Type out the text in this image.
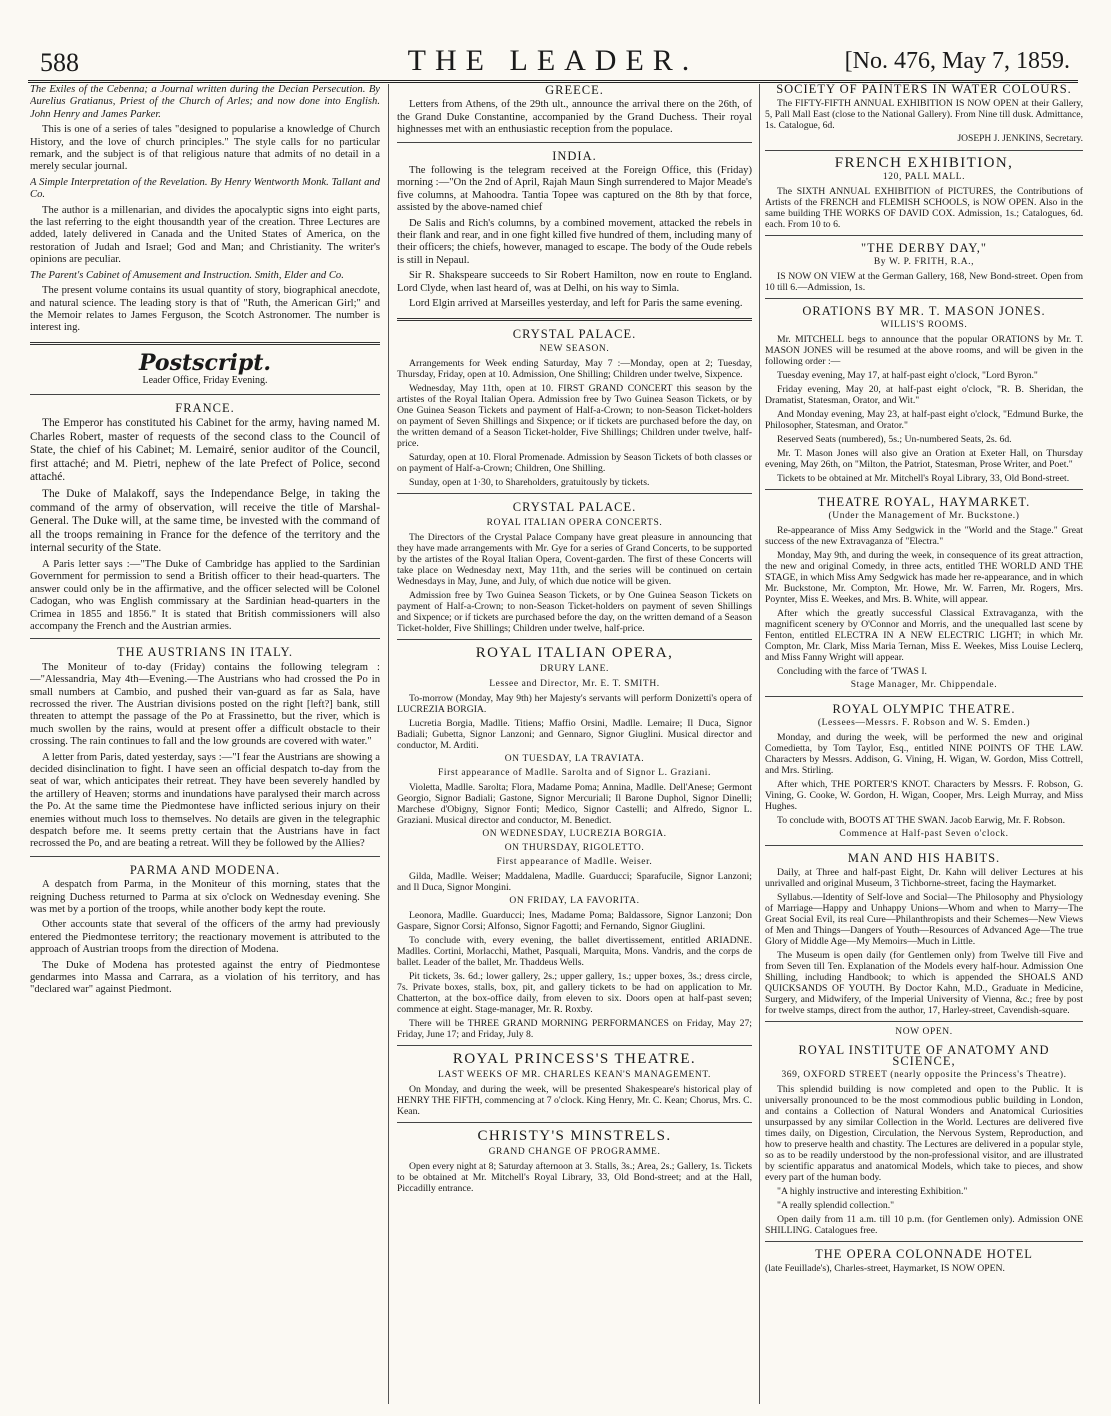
588	THE LEADER.	[No. 476, May 7, 1859.

The Exiles of the Cebenna; a Journal written during the Decian Persecution. By Aurelius Gratianus, Priest of the Church of Arles; and now done into English. John Henry and James Parker.

This is one of a series of tales "designed to popularise a knowledge of Church History, and the love of church principles." The style calls for no particular remark, and the subject is of that religious nature that admits of no detail in a merely secular journal.

A Simple Interpretation of the Revelation. By Henry Wentworth Monk. Tallant and Co.

The author is a millenarian, and divides the apocalyptic signs into eight parts, the last referring to the eight thousandth year of the creation. Three Lectures are added, lately delivered in Canada and the United States of America, on the restoration of Judah and Israel; God and Man; and Christianity. The writer's opinions are peculiar.

The Parent's Cabinet of Amusement and Instruction. Smith, Elder and Co.

The present volume contains its usual quantity of story, biographical anecdote, and natural science. The leading story is that of "Ruth, the American Girl;" and the Memoir relates to James Ferguson, the Scotch Astronomer. The number is interest ing.

Postscript.
Leader Office, Friday Evening.
FRANCE.

The Emperor has constituted his Cabinet for the army, having named M. Charles Robert, master of requests of the second class to the Council of State, the chief of his Cabinet; M. Lemairé, senior auditor of the Council, first attaché; and M. Pietri, nephew of the late Prefect of Police, second attaché.

The Duke of Malakoff, says the Independance Belge, in taking the command of the army of observation, will receive the title of Marshal-General. The Duke will, at the same time, be invested with the command of all the troops remaining in France for the defence of the territory and the internal security of the State.

A Paris letter says :—"The Duke of Cambridge has applied to the Sardinian Government for permission to send a British officer to their head-quarters. The answer could only be in the affirmative, and the officer selected will be Colonel Cadogan, who was English commissary at the Sardinian head-quarters in the Crimea in 1855 and 1856." It is stated that British commissioners will also accompany the French and the Austrian armies.

THE AUSTRIANS IN ITALY.

The Moniteur of to-day (Friday) contains the following telegram :—"Alessandria, May 4th—Evening.—The Austrians who had crossed the Po in small numbers at Cambio, and pushed their van-guard as far as Sala, have recrossed the river. The Austrian divisions posted on the right [left?] bank, still threaten to attempt the passage of the Po at Frassinetto, but the river, which is much swollen by the rains, would at present offer a difficult obstacle to their crossing. The rain continues to fall and the low grounds are covered with water."

A letter from Paris, dated yesterday, says :—"I fear the Austrians are showing a decided disinclination to fight. I have seen an official despatch to-day from the seat of war, which anticipates their retreat. They have been severely handled by the artillery of Heaven; storms and inundations have paralysed their march across the Po. At the same time the Piedmontese have inflicted serious injury on their enemies without much loss to themselves. No details are given in the telegraphic despatch before me. It seems pretty certain that the Austrians have in fact recrossed the Po, and are beating a retreat. Will they be followed by the Allies?

PARMA AND MODENA.

A despatch from Parma, in the Moniteur of this morning, states that the reigning Duchess returned to Parma at six o'clock on Wednesday evening. She was met by a portion of the troops, while another body kept the route.

Other accounts state that several of the officers of the army had previously entered the Piedmontese territory; the reactionary movement is attributed to the approach of Austrian troops from the direction of Modena.

The Duke of Modena has protested against the entry of Piedmontese gendarmes into Massa and Carrara, as a violation of his territory, and has "declared war" against Piedmont.

GREECE.

Letters from Athens, of the 29th ult., announce the arrival there on the 26th, of the Grand Duke Constantine, accompanied by the Grand Duchess. Their royal highnesses met with an enthusiastic reception from the populace.

INDIA.

The following is the telegram received at the Foreign Office, this (Friday) morning :—"On the 2nd of April, Rajah Maun Singh surrendered to Major Meade's five columns, at Mahoodra. Tantia Topee was captured on the 8th by that force, assisted by the above-named chief

De Salis and Rich's columns, by a combined movement, attacked the rebels in their flank and rear, and in one fight killed five hundred of them, including many of their officers; the chiefs, however, managed to escape. The body of the Oude rebels is still in Nepaul.

Sir R. Shakspeare succeeds to Sir Robert Hamilton, now en route to England. Lord Clyde, when last heard of, was at Delhi, on his way to Simla.

Lord Elgin arrived at Marseilles yesterday, and left for Paris the same evening.

CRYSTAL PALACE.
NEW SEASON.

Arrangements for Week ending Saturday, May 7 :—Monday, open at 2; Tuesday, Thursday, Friday, open at 10. Admission, One Shilling; Children under twelve, Sixpence.

Wednesday, May 11th, open at 10. FIRST GRAND CONCERT this season by the artistes of the Royal Italian Opera. Admission free by Two Guinea Season Tickets, or by One Guinea Season Tickets and payment of Half-a-Crown; to non-Season Ticket-holders on payment of Seven Shillings and Sixpence; or if tickets are purchased before the day, on the written demand of a Season Ticket-holder, Five Shillings; Children under twelve, half-price.

Saturday, open at 10. Floral Promenade. Admission by Season Tickets of both classes or on payment of Half-a-Crown; Children, One Shilling.

Sunday, open at 1·30, to Shareholders, gratuitously by tickets.

CRYSTAL PALACE.
ROYAL ITALIAN OPERA CONCERTS.

The Directors of the Crystal Palace Company have great pleasure in announcing that they have made arrangements with Mr. Gye for a series of Grand Concerts, to be supported by the artistes of the Royal Italian Opera, Covent-garden. The first of these Concerts will take place on Wednesday next, May 11th, and the series will be continued on certain Wednesdays in May, June, and July, of which due notice will be given.

Admission free by Two Guinea Season Tickets, or by One Guinea Season Tickets on payment of Half-a-Crown; to non-Season Ticket-holders on payment of seven Shillings and Sixpence; or if tickets are purchased before the day, on the written demand of a Season Ticket-holder, Five Shillings; Children under twelve, half-price.

ROYAL ITALIAN OPERA,
DRURY LANE.
Lessee and Director, Mr. E. T. SMITH.

To-morrow (Monday, May 9th) her Majesty's servants will perform Donizetti's opera of LUCREZIA BORGIA.

Lucretia Borgia, Madlle. Titiens; Maffio Orsini, Madlle. Lemaire; Il Duca, Signor Badiali; Gubetta, Signor Lanzoni; and Gennaro, Signor Giuglini. Musical director and conductor, M. Arditi.

ON TUESDAY, LA TRAVIATA.
First appearance of Madlle. Sarolta and of Signor L. Graziani.

Violetta, Madlle. Sarolta; Flora, Madame Poma; Annina, Madlle. Dell'Anese; Germont Georgio, Signor Badiali; Gastone, Signor Mercuriali; Il Barone Duphol, Signor Dinelli; Marchese d'Obigny, Signor Fonti; Medico, Signor Castelli; and Alfredo, Signor L. Graziani. Musical director and conductor, M. Benedict.

ON WEDNESDAY, LUCREZIA BORGIA.
ON THURSDAY, RIGOLETTO.
First appearance of Madlle. Weiser.

Gilda, Madlle. Weiser; Maddalena, Madlle. Guarducci; Sparafucile, Signor Lanzoni; and Il Duca, Signor Mongini.

ON FRIDAY, LA FAVORITA.

Leonora, Madlle. Guarducci; Ines, Madame Poma; Baldassore, Signor Lanzoni; Don Gaspare, Signor Corsi; Alfonso, Signor Fagotti; and Fernando, Signor Giuglini.

To conclude with, every evening, the ballet divertissement, entitled ARIADNE. Madlles. Cortini, Morlacchi, Mathet, Pasquali, Marquita, Mons. Vandris, and the corps de ballet. Leader of the ballet, Mr. Thaddeus Wells.

Pit tickets, 3s. 6d.; lower gallery, 2s.; upper gallery, 1s.; upper boxes, 3s.; dress circle, 7s. Private boxes, stalls, box, pit, and gallery tickets to be had on application to Mr. Chatterton, at the box-office daily, from eleven to six. Doors open at half-past seven; commence at eight. Stage-manager, Mr. R. Roxby.

There will be THREE GRAND MORNING PERFORMANCES on Friday, May 27; Friday, June 17; and Friday, July 8.

ROYAL PRINCESS'S THEATRE.
LAST WEEKS OF MR. CHARLES KEAN'S MANAGEMENT.

On Monday, and during the week, will be presented Shakespeare's historical play of HENRY THE FIFTH, commencing at 7 o'clock. King Henry, Mr. C. Kean; Chorus, Mrs. C. Kean.

CHRISTY'S MINSTRELS.
GRAND CHANGE OF PROGRAMME.

Open every night at 8; Saturday afternoon at 3. Stalls, 3s.; Area, 2s.; Gallery, 1s. Tickets to be obtained at Mr. Mitchell's Royal Library, 33, Old Bond-street; and at the Hall, Piccadilly entrance.

SOCIETY OF PAINTERS IN WATER COLOURS.

The FIFTY-FIFTH ANNUAL EXHIBITION IS NOW OPEN at their Gallery, 5, Pall Mall East (close to the National Gallery). From Nine till dusk. Admittance, 1s. Catalogue, 6d.

JOSEPH J. JENKINS, Secretary.
FRENCH EXHIBITION,
120, PALL MALL.

The SIXTH ANNUAL EXHIBITION of PICTURES, the Contributions of Artists of the FRENCH and FLEMISH SCHOOLS, is NOW OPEN. Also in the same building THE WORKS OF DAVID COX. Admission, 1s.; Catalogues, 6d. each. From 10 to 6.

"THE DERBY DAY,"
By W. P. FRITH, R.A.,

IS NOW ON VIEW at the German Gallery, 168, New Bond-street. Open from 10 till 6.—Admission, 1s.

ORATIONS BY MR. T. MASON JONES.
WILLIS'S ROOMS.

Mr. MITCHELL begs to announce that the popular ORATIONS by Mr. T. MASON JONES will be resumed at the above rooms, and will be given in the following order :—

Tuesday evening, May 17, at half-past eight o'clock, "Lord Byron."

Friday evening, May 20, at half-past eight o'clock, "R. B. Sheridan, the Dramatist, Statesman, Orator, and Wit."

And Monday evening, May 23, at half-past eight o'clock, "Edmund Burke, the Philosopher, Statesman, and Orator."

Reserved Seats (numbered), 5s.; Un-numbered Seats, 2s. 6d.

Mr. T. Mason Jones will also give an Oration at Exeter Hall, on Thursday evening, May 26th, on "Milton, the Patriot, Statesman, Prose Writer, and Poet."

Tickets to be obtained at Mr. Mitchell's Royal Library, 33, Old Bond-street.

THEATRE ROYAL, HAYMARKET.
(Under the Management of Mr. Buckstone.)

Re-appearance of Miss Amy Sedgwick in the "World and the Stage." Great success of the new Extravaganza of "Electra."

Monday, May 9th, and during the week, in consequence of its great attraction, the new and original Comedy, in three acts, entitled THE WORLD AND THE STAGE, in which Miss Amy Sedgwick has made her re-appearance, and in which Mr. Buckstone, Mr. Compton, Mr. Howe, Mr. W. Farren, Mr. Rogers, Mrs. Poynter, Miss E. Weekes, and Mrs. B. White, will appear.

After which the greatly successful Classical Extravaganza, with the magnificent scenery by O'Connor and Morris, and the unequalled last scene by Fenton, entitled ELECTRA IN A NEW ELECTRIC LIGHT; in which Mr. Compton, Mr. Clark, Miss Maria Ternan, Miss E. Weekes, Miss Louise Leclerq, and Miss Fanny Wright will appear.

Concluding with the farce of 'TWAS I.

Stage Manager, Mr. Chippendale.
ROYAL OLYMPIC THEATRE.
(Lessees—Messrs. F. Robson and W. S. Emden.)

Monday, and during the week, will be performed the new and original Comedietta, by Tom Taylor, Esq., entitled NINE POINTS OF THE LAW. Characters by Messrs. Addison, G. Vining, H. Wigan, W. Gordon, Miss Cottrell, and Mrs. Stirling.

After which, THE PORTER'S KNOT. Characters by Messrs. F. Robson, G. Vining, G. Cooke, W. Gordon, H. Wigan, Cooper, Mrs. Leigh Murray, and Miss Hughes.

To conclude with, BOOTS AT THE SWAN. Jacob Earwig, Mr. F. Robson.

Commence at Half-past Seven o'clock.
MAN AND HIS HABITS.

Daily, at Three and half-past Eight, Dr. Kahn will deliver Lectures at his unrivalled and original Museum, 3 Tichborne-street, facing the Haymarket.

Syllabus.—Identity of Self-love and Social—The Philosophy and Physiology of Marriage—Happy and Unhappy Unions—Whom and when to Marry—The Great Social Evil, its real Cure—Philanthropists and their Schemes—New Views of Men and Things—Dangers of Youth—Resources of Advanced Age—The true Glory of Middle Age—My Memoirs—Much in Little.

The Museum is open daily (for Gentlemen only) from Twelve till Five and from Seven till Ten. Explanation of the Models every half-hour. Admission One Shilling, including Handbook; to which is appended the SHOALS AND QUICKSANDS OF YOUTH. By Doctor Kahn, M.D., Graduate in Medicine, Surgery, and Midwifery, of the Imperial University of Vienna, &c.; free by post for twelve stamps, direct from the author, 17, Harley-street, Cavendish-square.

NOW OPEN.
ROYAL INSTITUTE OF ANATOMY AND SCIENCE,
369, OXFORD STREET (nearly opposite the Princess's Theatre).

This splendid building is now completed and open to the Public. It is universally pronounced to be the most commodious public building in London, and contains a Collection of Natural Wonders and Anatomical Curiosities unsurpassed by any similar Collection in the World. Lectures are delivered five times daily, on Digestion, Circulation, the Nervous System, Reproduction, and how to preserve health and chastity. The Lectures are delivered in a popular style, so as to be readily understood by the non-professional visitor, and are illustrated by scientific apparatus and anatomical Models, which take to pieces, and show every part of the human body.

"A highly instructive and interesting Exhibition."

"A really splendid collection."

Open daily from 11 a.m. till 10 p.m. (for Gentlemen only). Admission ONE SHILLING. Catalogues free.

THE OPERA COLONNADE HOTEL

(late Feuillade's), Charles-street, Haymarket, IS NOW OPEN.
